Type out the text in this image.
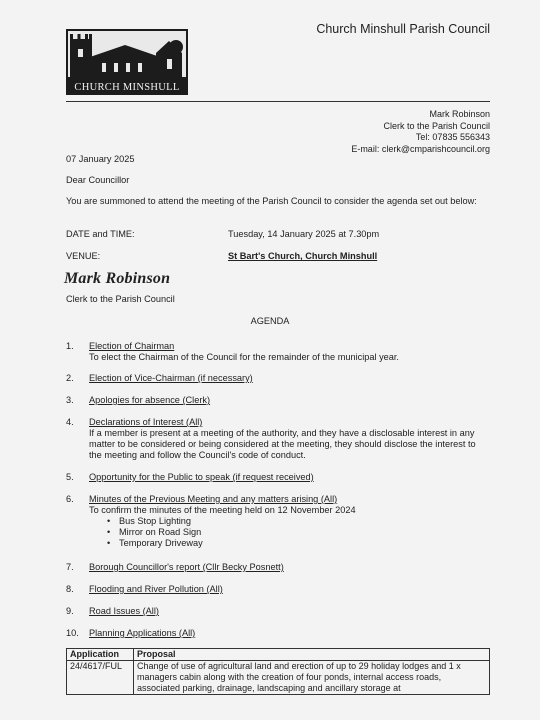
CHURCH MINSHULL
Church Minshull Parish Council
Mark Robinson
Clerk to the Parish Council
Tel: 07835 556343
E-mail: clerk@cmparishcouncil.org
07 January 2025
Dear Councillor
You are summoned to attend the meeting of the Parish Council to consider the agenda set out below:
DATE and TIME:	Tuesday, 14 January 2025 at 7.30pm
VENUE:	St Bart's Church, Church Minshull
Mark Robinson
Clerk to the Parish Council
AGENDA
1. Election of Chairman
To elect the Chairman of the Council for the remainder of the municipal year.
2. Election of Vice-Chairman (if necessary)
3. Apologies for absence (Clerk)
4. Declarations of Interest (All)
If a member is present at a meeting of the authority, and they have a disclosable interest in any matter to be considered or being considered at the meeting, they should disclose the interest to the meeting and follow the Council's code of conduct.
5. Opportunity for the Public to speak (if request received)
6. Minutes of the Previous Meeting and any matters arising (All)
To confirm the minutes of the meeting held on 12 November 2024
• Bus Stop Lighting
• Mirror on Road Sign
• Temporary Driveway
7. Borough Councillor's report (Cllr Becky Posnett)
8. Flooding and River Pollution (All)
9. Road Issues (All)
10. Planning Applications (All)
Application	Proposal
24/4617/FUL	Change of use of agricultural land and erection of up to 29 holiday lodges and 1 x managers cabin along with the creation of four ponds, internal access roads, associated parking, drainage, landscaping and ancillary storage at
